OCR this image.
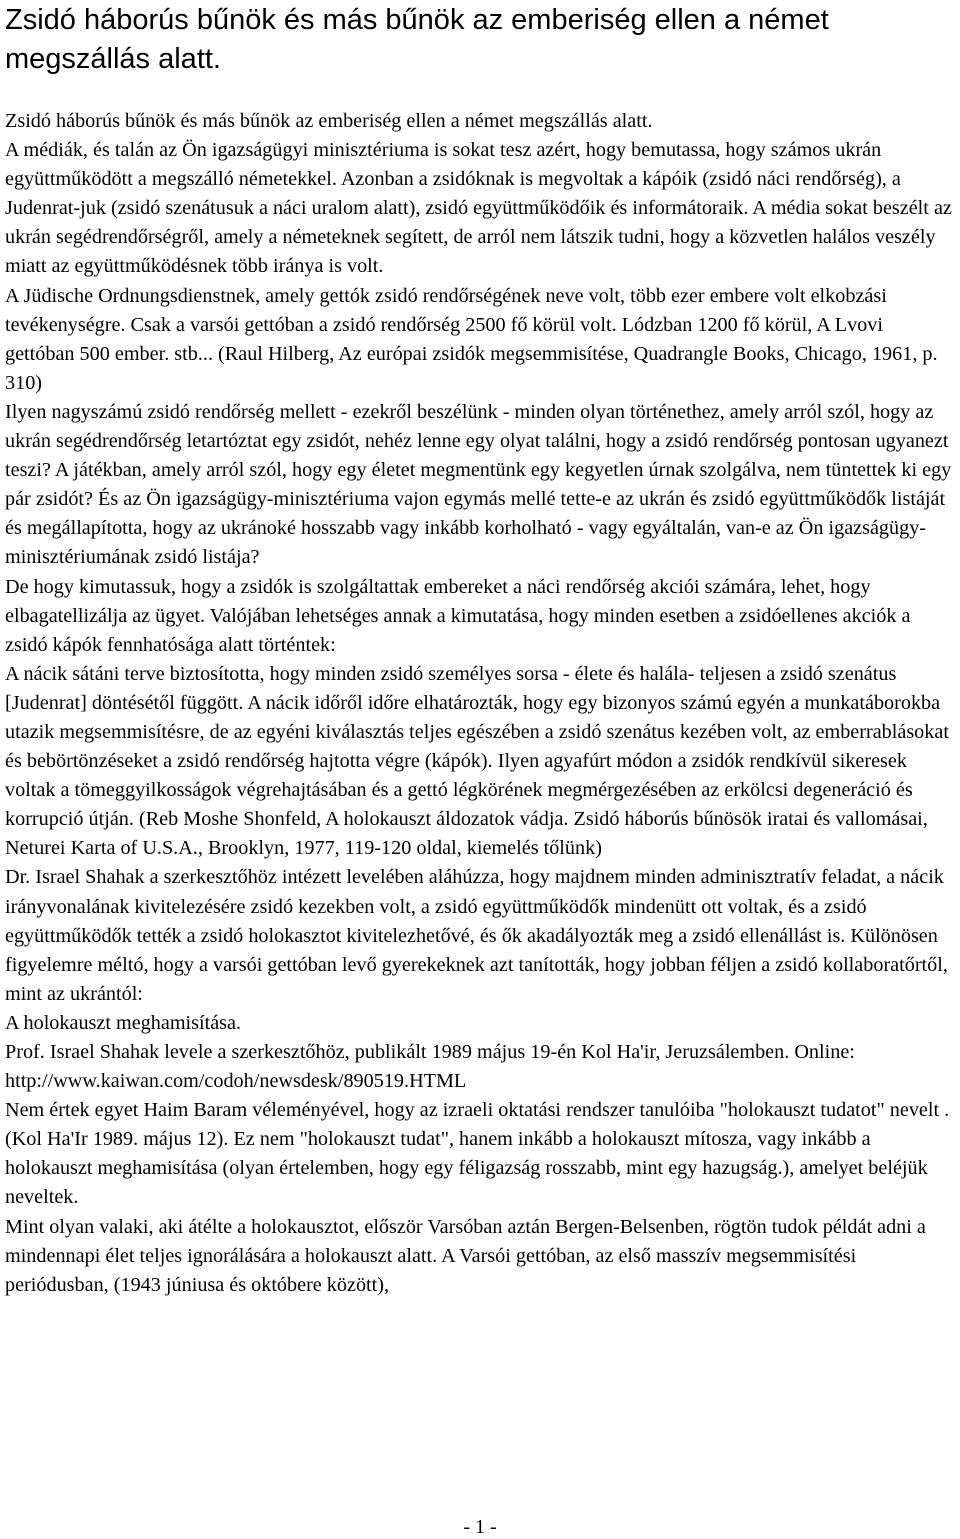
Zsidó háborús bűnök és más bűnök az emberiség ellen a német megszállás alatt.

Zsidó háborús bűnök és más bűnök az emberiség ellen a német megszállás alatt.

A médiák, és talán az Ön igazságügyi minisztériuma is sokat tesz azért, hogy bemutassa, hogy számos ukrán együttműködött a megszálló németekkel. Azonban a zsidóknak is megvoltak a kápóik (zsidó náci rendőrség), a Judenrat-juk (zsidó szenátusuk a náci uralom alatt), zsidó együttműködőik és informátoraik. A média sokat beszélt az ukrán segédrendőrségről, amely a németeknek segített, de arról nem látszik tudni, hogy a közvetlen halálos veszély miatt az együttműködésnek több iránya is volt.

A Jüdische Ordnungsdienstnek, amely gettók zsidó rendőrségének neve volt, több ezer embere volt elkobzási tevékenységre. Csak a varsói gettóban a zsidó rendőrség 2500 fő körül volt. Lódzban 1200 fő körül, A Lvovi gettóban 500 ember. stb... (Raul Hilberg, Az európai zsidók megsemmisítése, Quadrangle Books, Chicago, 1961, p. 310)

Ilyen nagyszámú zsidó rendőrség mellett - ezekről beszélünk - minden olyan történethez, amely arról szól, hogy az ukrán segédrendőrség letartóztat egy zsidót, nehéz lenne egy olyat találni, hogy a zsidó rendőrség pontosan ugyanezt teszi? A játékban, amely arról szól, hogy egy életet megmentünk egy kegyetlen úrnak szolgálva, nem tüntettek ki egy pár zsidót? És az Ön igazságügy-minisztériuma vajon egymás mellé tette-e az ukrán és zsidó együttműködők listáját és megállapította, hogy az ukránoké hosszabb vagy inkább korholható - vagy egyáltalán, van-e az Ön igazságügy-minisztériumának zsidó listája?

De hogy kimutassuk, hogy a zsidók is szolgáltattak embereket a náci rendőrség akciói számára, lehet, hogy elbagatellizálja az ügyet. Valójában lehetséges annak a kimutatása, hogy minden esetben a zsidóellenes akciók a zsidó kápók fennhatósága alatt történtek:

A nácik sátáni terve biztosította, hogy minden zsidó személyes sorsa - élete és halála- teljesen a zsidó szenátus [Judenrat] döntésétől függött. A nácik időről időre elhatározták, hogy egy bizonyos számú egyén a munkatáborokba utazik megsemmisítésre, de az egyéni kiválasztás teljes egészében a zsidó szenátus kezében volt, az emberrablásokat és bebörtönzéseket a zsidó rendőrség hajtotta végre (kápók). Ilyen agyafúrt módon a zsidók rendkívül sikeresek voltak a tömeggyilkosságok végrehajtásában és a gettó légkörének megmérgezésében az erkölcsi degeneráció és korrupció útján. (Reb Moshe Shonfeld, A holokauszt áldozatok vádja. Zsidó háborús bűnösök iratai és vallomásai, Neturei Karta of U.S.A., Brooklyn, 1977, 119-120 oldal, kiemelés tőlünk)

Dr. Israel Shahak a szerkesztőhöz intézett levelében aláhúzza, hogy majdnem minden adminisztratív feladat, a nácik irányvonalának kivitelezésére zsidó kezekben volt, a zsidó együttműködők mindenütt ott voltak, és a zsidó együttműködők tették a zsidó holokasztot kivitelezhetővé, és ők akadályozták meg a zsidó ellenállást is. Különösen figyelemre méltó, hogy a varsói gettóban levő gyerekeknek azt tanították, hogy jobban féljen a zsidó kollaboratőrtől, mint az ukrántól:

A holokauszt meghamisítása.

Prof. Israel Shahak levele a szerkesztőhöz, publikált 1989 május 19-én Kol Ha'ir, Jeruzsálemben. Online: http://www.kaiwan.com/codoh/newsdesk/890519.HTML

Nem értek egyet Haim Baram véleményével, hogy az izraeli oktatási rendszer tanulóiba "holokauszt tudatot" nevelt . (Kol Ha'Ir 1989. május 12). Ez nem "holokauszt tudat", hanem inkább a holokauszt mítosza, vagy inkább a holokauszt meghamisítása (olyan értelemben, hogy egy féligazság rosszabb, mint egy hazugság.), amelyet beléjük neveltek.

Mint olyan valaki, aki átélte a holokausztot, először Varsóban aztán Bergen-Belsenben, rögtön tudok példát adni a mindennapi élet teljes ignorálására a holokauszt alatt. A Varsói gettóban, az első masszív megsemmisítési periódusban, (1943 júniusa és októbere között),

- 1 -
